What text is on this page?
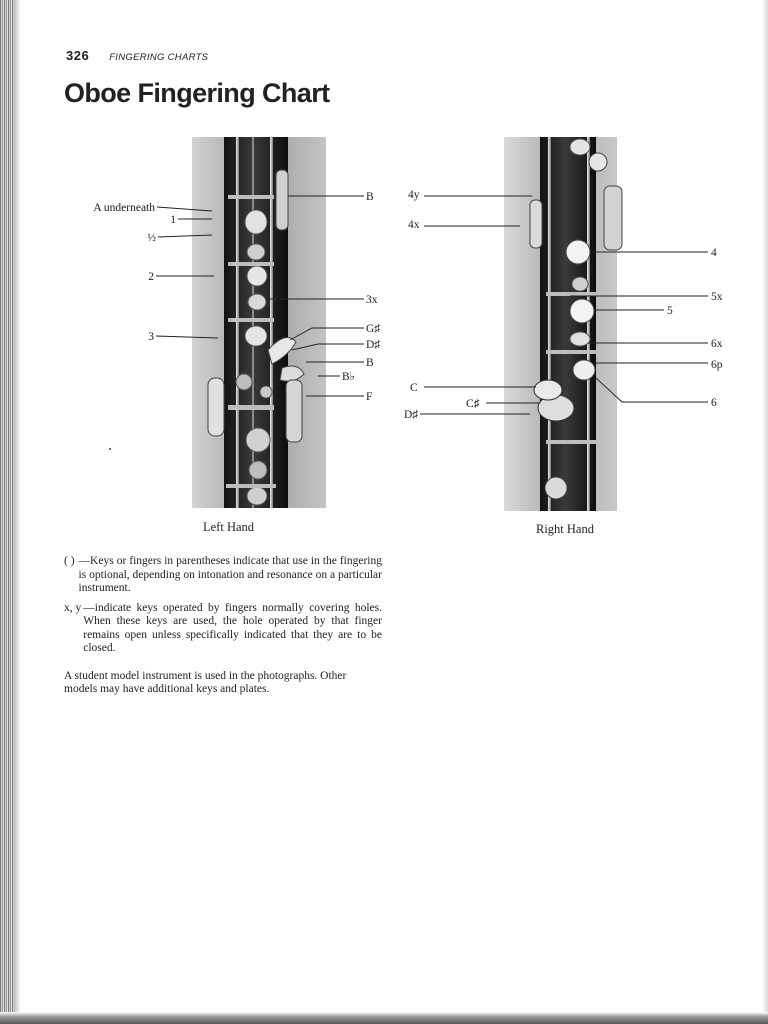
326 FINGERING CHARTS
Oboe Fingering Chart
A underneath
1
½
2
3
B
3x
G♯
D♯
B
B♭
F
4y
4x
4
5x
5
6x
6p
6
C
C♯
D♯
Left Hand	Right Hand
( ) —Keys or fingers in parentheses indicate that use in the fingering is optional, depending on intonation and resonance on a particular instrument.
x, y —indicate keys operated by fingers normally covering holes. When these keys are used, the hole operated by that finger remains open unless specifically indicated that they are to be closed.
A student model instrument is used in the photographs. Other models may have additional keys and plates.
